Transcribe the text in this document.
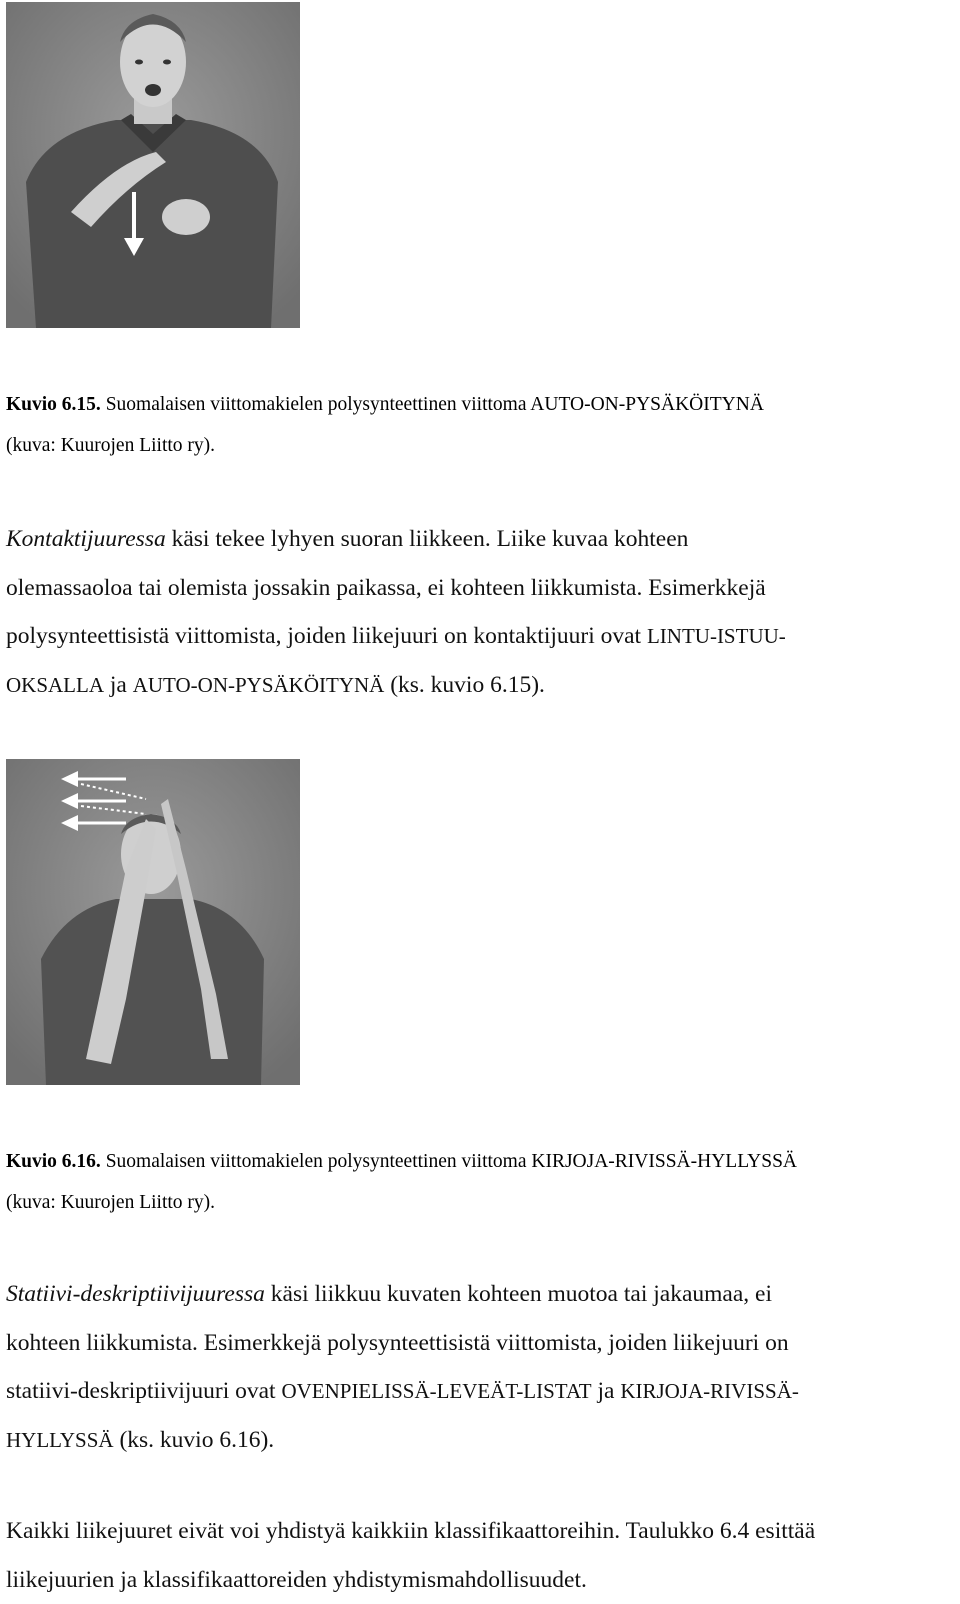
Kuvio 6.15. Suomalaisen viittomakielen polysynteettinen viittoma AUTO-ON-PYSÄKÖITYNÄ
(kuva: Kuurojen Liitto ry).
Kontaktijuuressa käsi tekee lyhyen suoran liikkeen. Liike kuvaa kohteen
olemassaoloa tai olemista jossakin paikassa, ei kohteen liikkumista. Esimerkkejä
polysynteettisistä viittomista, joiden liikejuuri on kontaktijuuri ovat LINTU-ISTUU-
OKSALLA ja AUTO-ON-PYSÄKÖITYNÄ (ks. kuvio 6.15).
Kuvio 6.16. Suomalaisen viittomakielen polysynteettinen viittoma KIRJOJA-RIVISSÄ-HYLLYSSÄ
(kuva: Kuurojen Liitto ry).
Statiivi-deskriptiivijuuressa käsi liikkuu kuvaten kohteen muotoa tai jakaumaa, ei
kohteen liikkumista. Esimerkkejä polysynteettisistä viittomista, joiden liikejuuri on
statiivi-deskriptiivijuuri ovat OVENPIELISSÄ-LEVEÄT-LISTAT ja KIRJOJA-RIVISSÄ-
HYLLYSSÄ (ks. kuvio 6.16).
Kaikki liikejuuret eivät voi yhdistyä kaikkiin klassifikaattoreihin. Taulukko 6.4 esittää
liikejuurien ja klassifikaattoreiden yhdistymismahdollisuudet.
